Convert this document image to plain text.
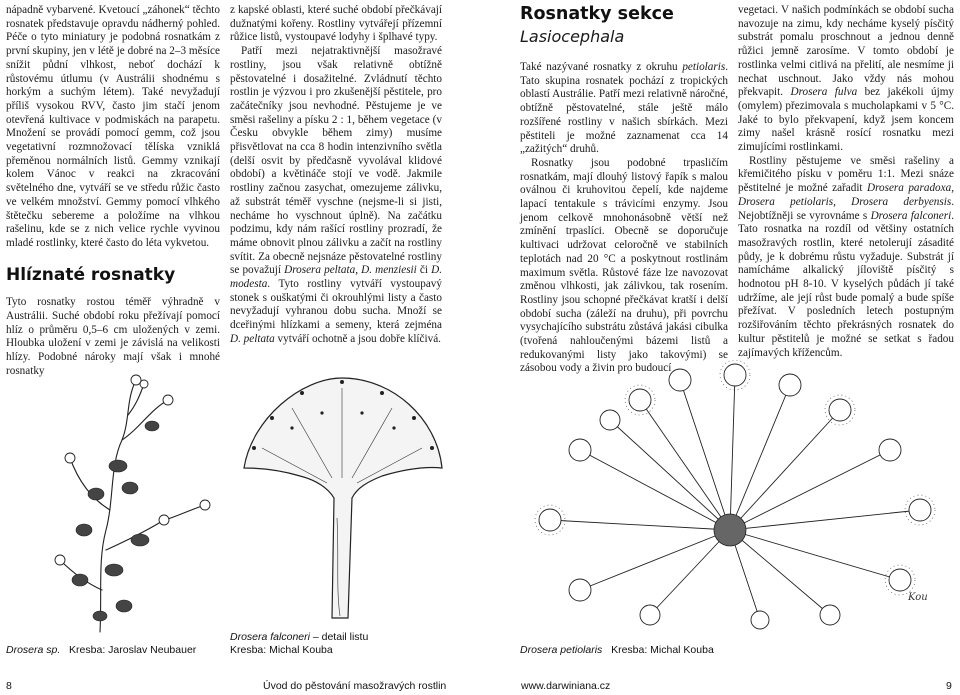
nápadně vybarvené. Kvetoucí „záhonek“ těchto rosnatek představuje opravdu nádherný pohled. Péče o tyto miniatury je podobná rosnatkám z první skupiny, jen v létě je dobré na 2–3 měsíce snížit půdní vlhkost, neboť dochází k růstovému útlumu (v Austrálii shodnému s horkým a suchým létem). Také nevyžadují příliš vysokou RVV, často jim stačí jenom otevřená kultivace v podmiskách na parapetu. Množení se provádí pomocí gemm, což jsou vegetativní rozmnožovací tělíska vzniklá přeměnou normálních listů. Gemmy vznikají kolem Vánoc v reakci na zkracování světelného dne, vytváří se ve středu růžic často ve velkém množství. Gemmy pomocí vlhkého štětečku sebereme a položíme na vlhkou rašelinu, kde se z nich velice rychle vyvinou mladé rostlinky, které často do léta vykvetou.

Hlíznaté rosnatky

Tyto rosnatky rostou téměř výhradně v Austrálii. Suché období roku přežívají pomocí hlíz o průměru 0,5–6 cm uložených v zemi. Hloubka uložení v zemi je závislá na velikosti hlízy. Podobné nároky mají však i mnohé rosnatky

z kapské oblasti, které suché období přečkávají dužnatými kořeny. Rostliny vytvářejí přízemní růžice listů, vystoupavé lodyhy i šplhavé typy.

Patří mezi nejatraktivnější masožravé rostliny, jsou však relativně obtížně pěstovatelné i dosažitelné. Zvládnutí těchto rostlin je výzvou i pro zkušenější pěstitele, pro začátečníky jsou nevhodné. Pěstujeme je ve směsi rašeliny a písku 2 : 1, během vegetace (v Česku obvykle během zimy) musíme přisvětlovat na cca 8 hodin intenzivního světla (delší osvit by předčasně vyvolával klidové období) a květináče stojí ve vodě. Jakmile rostliny začnou zasychat, omezujeme zálivku, až substrát téměř vyschne (nejsme-li si jisti, necháme ho vyschnout úplně). Na začátku podzimu, kdy nám rašící rostliny prozradí, že máme obnovit plnou zálivku a začít na rostliny svítit. Za obecně nejsnáze pěstovatelné rostliny se považují Drosera peltata, D. menziesii či D. modesta. Tyto rostliny vytváří vystoupavý stonek s ouškatými či okrouhlými listy a často nevyžadují vyhranou dobu sucha. Množí se dceřinými hlízkami a semeny, která zejména D. peltata vytváří ochotně a jsou dobře klíčivá.

Rosnatky sekce
Lasiocephala

Také nazývané rosnatky z okruhu petiolaris. Tato skupina rosnatek pochází z tropických oblastí Austrálie. Patří mezi relativně náročné, obtížně pěstovatelné, stále ještě málo rozšířené rostliny v našich sbírkách. Mezi pěstiteli je možné zaznamenat cca 14 „zažitých“ druhů.

Rosnatky jsou podobné trpasličím rosnatkám, mají dlouhý listový řapík s malou oválnou či kruhovitou čepelí, kde najdeme lapací tentakule s trávicími enzymy. Jsou jenom celkově mnohonásobně větší než zmínění trpaslíci. Obecně se doporučuje kultivaci udržovat celoročně ve stabilních teplotách nad 20 °C a poskytnout rostlinám maximum světla. Růstové fáze lze navozovat změnou vlhkosti, jak zálivkou, tak rosením. Rostliny jsou schopné přečkávat kratší i delší období sucha (záleží na druhu), při povrchu vysychajícího substrátu zůstává jakási cibulka (tvořená nahloučenými bázemi listů a redukovanými listy jako takovými) se zásobou vody a živin pro budoucí

vegetaci. V našich podmínkách se období sucha navozuje na zimu, kdy necháme kyselý písčitý substrát pomalu proschnout a jednou denně růžici jemně zarosíme. V tomto období je rostlinka velmi citlivá na přelití, ale nesmíme ji nechat uschnout. Jako vždy nás mohou překvapit. Drosera fulva bez jakékoli újmy (omylem) přezimovala s mucholapkami v 5 °C. Jaké to bylo překvapení, když jsem koncem zimy našel krásně rosící rosnatku mezi zimujícími rostlinkami.

Rostliny pěstujeme ve směsi rašeliny a křemičitého písku v poměru 1:1. Mezi snáze pěstitelné je možné zařadit Drosera paradoxa, Drosera petiolaris, Drosera derbyensis. Nejobtížněji se vyrovnáme s Drosera falconeri. Tato rosnatka na rozdíl od většiny ostatních masožravých rostlin, které netolerují zásadité půdy, je k dobrému růstu vyžaduje. Substrát jí namícháme alkalický jíloviště písčitý s hodnotou pH 8-10. V kyselých půdách jí také udržíme, ale její růst bude pomalý a bude spíše přežívat. V posledních letech postupným rozšiřováním těchto překrásných rosnatek do kultur pěstitelů je možné se setkat s řadou zajímavých křížencům.

Kou
Drosera sp. Kresba: Jaroslav Neubauer
Drosera falconeri – detail listu
Kresba: Michal Kouba	Drosera petiolaris Kresba: Michal Kouba
8	Úvod do pěstování masožravých rostlin	www.darwiniana.cz	9
